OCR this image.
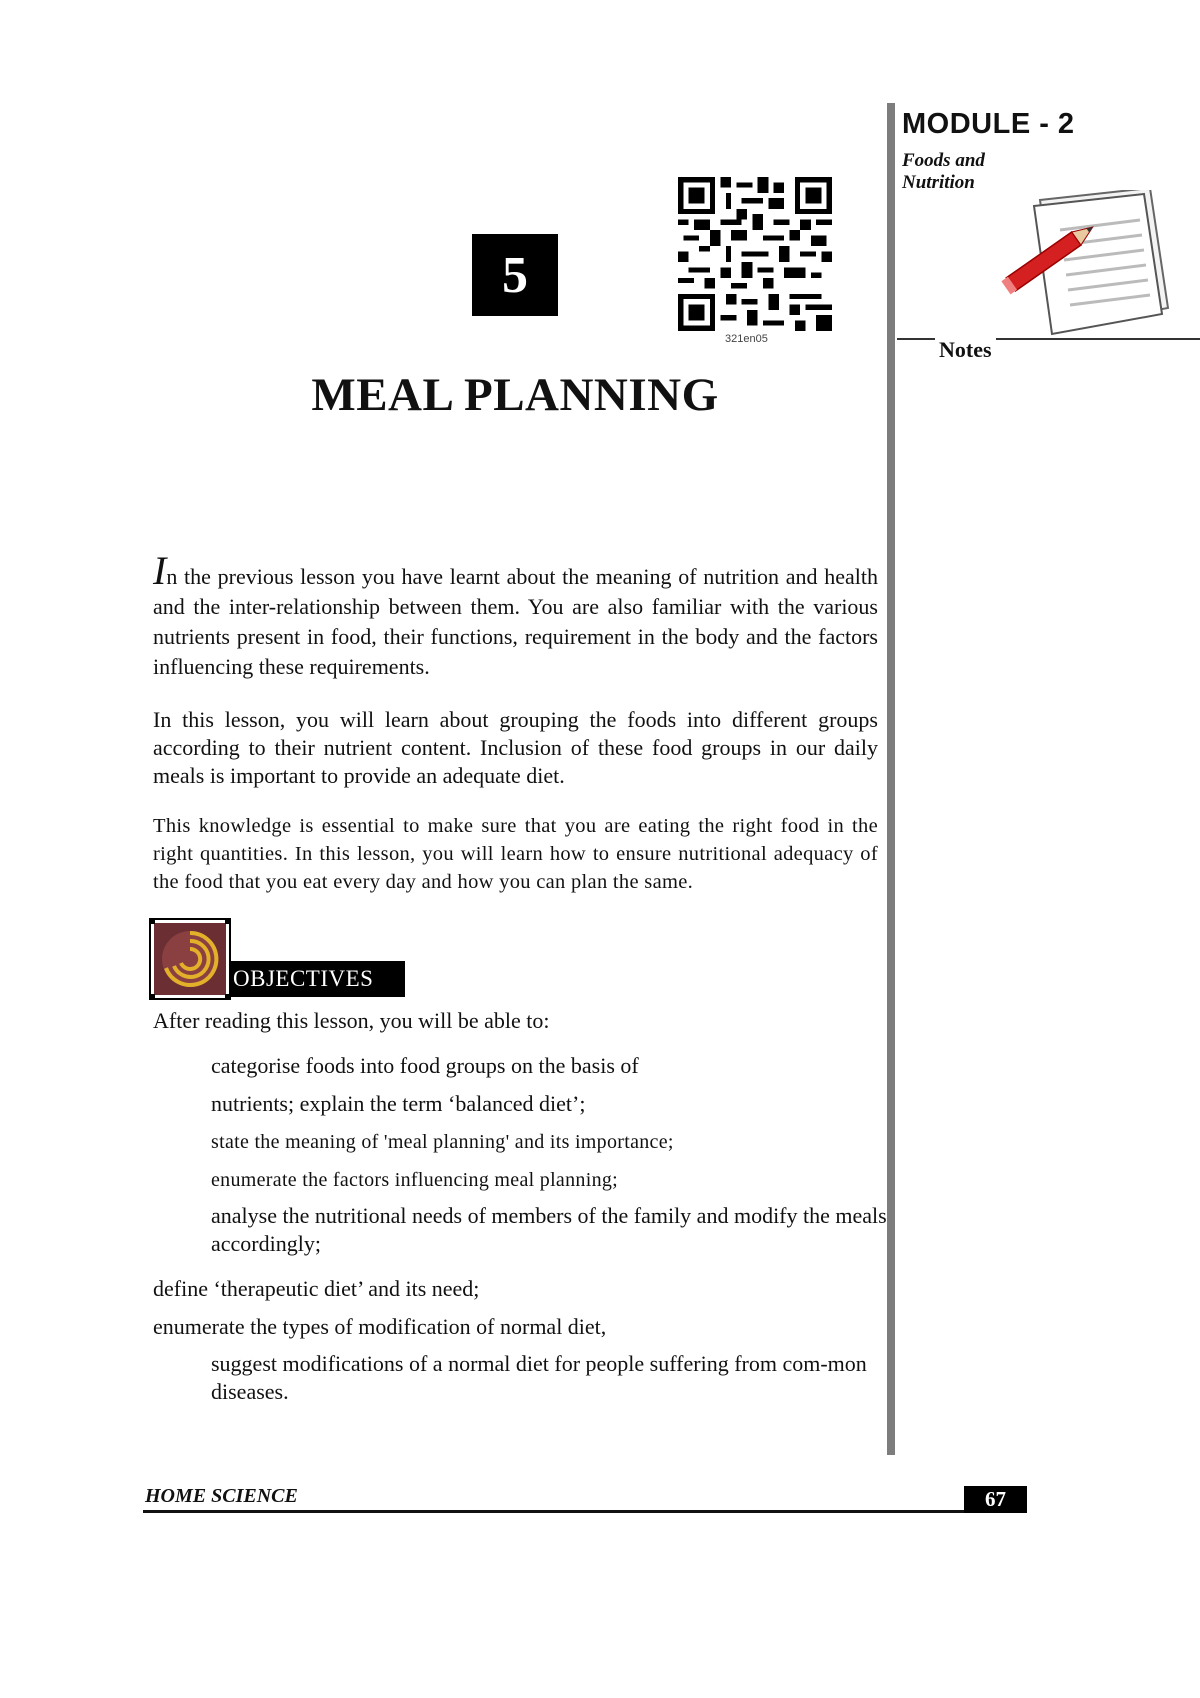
MODULE - 2
Foods and Nutrition
Notes
5
321en05
MEAL PLANNING
In the previous lesson you have learnt about the meaning of nutrition and health and the inter-relationship between them. You are also familiar with the various nutrients present in food, their functions, requirement in the body and the factors influencing these requirements.
In this lesson, you will learn about grouping the foods into different groups according to their nutrient content. Inclusion of these food groups in our daily meals is important to provide an adequate diet.
This knowledge is essential to make sure that you are eating the right food in the right quantities. In this lesson, you will learn how to ensure nutritional adequacy of the food that you eat every day and how you can plan the same.
OBJECTIVES
After reading this lesson, you will be able to:
categorise foods into food groups on the basis of
nutrients; explain the term ‘balanced diet’;
state the meaning of 'meal planning' and its importance;
enumerate the factors influencing meal planning;
analyse the nutritional needs of members of the family and modify the meals accordingly;
define ‘therapeutic diet’ and its need;
enumerate the types of modification of normal diet,
suggest modifications of a normal diet for people suffering from com-mon diseases.
HOME SCIENCE	67
